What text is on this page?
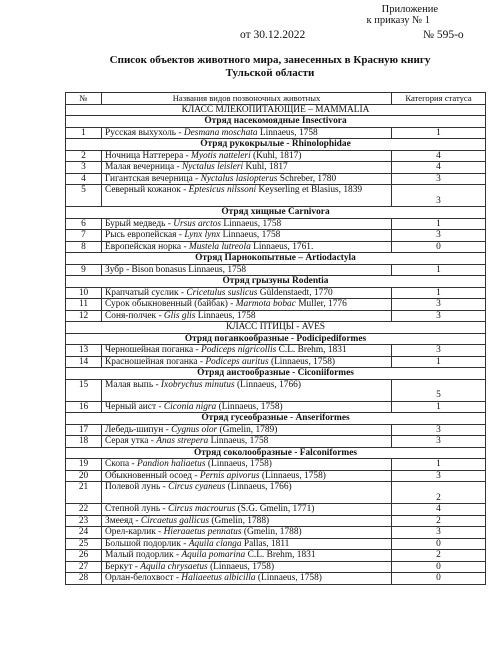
Приложение
к приказу № 1
от 30.12.2022	№ 595-о
Список объектов животного мира, занесенных в Красную книгу
Тульской области
№	Названия видов позвоночных животных	Категория статуса
КЛАСС МЛЕКОПИТАЮЩИЕ – MAMMALIA		
Отряд насекомоядные Insectivora		
1	Русская выхухоль - Desmana moschata Linnaeus, 1758	1
Отряд рукокрылые - Rhinolophidae		
2	Ночница Наттерера - Myotis natteleri (Kuhl, 1817)	4
3	Малая вечерница - Nyctalus leisleri Kuhl, 1817	4
4	Гигантская вечерница - Nyctalus lasiopterus Schreber, 1780	3
5	Северный кожанок - Eptesicus nilssoni Keyserling et Blasius, 1839	3
Отряд хищные Carnivora		
6	Бурый медведь - Ursus arctos Linnaeus, 1758	1
7	Рысь европейская - Lynx lynx Linnaeus, 1758	3
8	Европейская норка - Mustela lutreola Linnaeus, 1761.	0
Отряд Парнокопытные – Artiodactyla		
9	Зубр - Bison bonasus Linnaeus, 1758	1
Отряд грызуны Rodentia		
10	Крапчатый суслик - Cricetulus suslicus Güldenstaedt, 1770	1
11	Сурок обыкновенный (байбак) - Marmota bobac Muller, 1776	3
12	Соня-полчек - Glis glis Linnaeus, 1758	3
КЛАСС ПТИЦЫ - AVES		
Отряд поганкообразные - Podicipediformes		
13	Черношейная поганка - Podiceps nigricollis C.L. Brehm, 1831	3
14	Красношейная поганка - Podiceps auritus (Linnaeus, 1758)	1
Отряд аистообразные - Ciconiiformes		
15	Малая выпь - Ixobrychus minutus (Linnaeus, 1766)	5
16	Черный аист - Ciconia nigra (Linnaeus, 1758)	1
Отряд гусеобразные - Anseriformes		
17	Лебедь-шипун - Cygnus olor (Gmelin, 1789)	3
18	Серая утка - Anas strepera Linnaeus, 1758	3
Отряд соколообразные - Falconiformes		
19	Скопа - Pandion haliaetus (Linnaeus, 1758)	1
20	Обыкновенный осоед - Pernis apivorus (Linnaeus, 1758)	3
21	Полевой лунь - Circus cyaneus (Linnaeus, 1766)	2
22	Степной лунь - Circus macrourus (S.G. Gmelin, 1771)	4
23	Змееяд - Circaetus gallicus (Gmelin, 1788)	2
24	Орел-карлик - Hieraaetus pennatus (Gmelin, 1788)	3
25	Большой подорлик - Aquila clanga Pallas, 1811	0
26	Малый подорлик - Aquila pomarina C.L. Brehm, 1831	2
27	Беркут - Aquila chrysaetus (Linnaeus, 1758)	0
28	Орлан-белохвост - Haliaeetus albicilla (Linnaeus, 1758)	0
